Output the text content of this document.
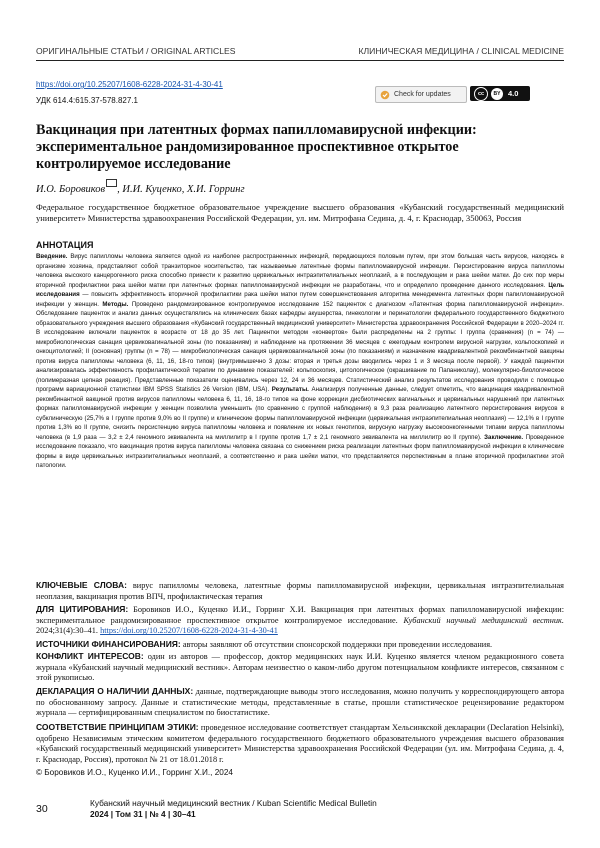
ОРИГИНАЛЬНЫЕ СТАТЬИ / ORIGINAL ARTICLES	КЛИНИЧЕСКАЯ МЕДИЦИНА / CLINICAL MEDICINE
https://doi.org/10.25207/1608-6228-2024-31-4-30-41
УДК 614.4:615.37-578.827.1
Check for updates	cc	BY	4.0
Вакцинация при латентных формах папилломавирусной инфекции: экспериментальное рандомизированное проспективное открытое контролируемое исследование
И.О. Боровиков , И.И. Куценко, Х.И. Горринг
Федеральное государственное бюджетное образовательное учреждение высшего образования «Кубанский государственный медицинский университет» Министерства здравоохранения Российской Федерации, ул. им. Митрофана Седина, д. 4, г. Краснодар, 350063, Россия
АННОТАЦИЯ
Введение. Вирус папилломы человека является одной из наиболее распространенных инфекций, передающихся половым путем, при этом большая часть вирусов, находясь в организме хозяина, представляют собой транзиторное носительство, так называемые латентные формы папилломавирусной инфекции. Персистирование вируса папилломы человека высокого канцерогенного риска способно привести к развитию цервикальных интраэпителиальных неоплазий, а в последующем и рака шейки матки. До сих пор меры вторичной профилактики рака шейки матки при латентных формах папилломавирусной инфекции не разработаны, что и определило проведение данного исследования. Цель исследования — повысить эффективность вторичной профилактики рака шейки матки путем совершенствования алгоритма менеджмента латентных форм папилломавирусной инфекции у женщин. Методы. Проведено рандомизированное контролируемое исследование 152 пациенток с диагнозом «Латентная форма папилломавирусной инфекции». Обследование пациенток и анализ данных осуществлялись на клинических базах кафедры акушерства, гинекологии и перинатологии федерального государственного бюджетного образовательного учреждения высшего образования «Кубанский государственный медицинский университет» Министерства здравоохранения Российской Федерации в 2020–2024 гг. В исследование включали пациенток в возрасте от 18 до 35 лет. Пациентки методом «конвертов» были распределены на 2 группы: I группа (сравнения) (n = 74) — микробиологическая санация цервиковагинальной зоны (по показаниям) и наблюдение на протяжении 36 месяцев с ежегодным контролем вирусной нагрузки, кольпоскопией и онкоцитологией; II (основная) группы (n = 78) — микробиологическая санация цервиковагинальной зоны (по показаниям) и назначение квадривалентной рекомбинантной вакцины против вируса папилломы человека (6, 11, 16, 18-го типов) (внутримышечно 3 дозы: вторая и третья дозы вводились через 1 и 3 месяца после первой). У каждой пациентки анализировалась эффективность профилактической терапии по динамике показателей: кольпоскопия, цитологическое (окрашивание по Папаниколау), молекулярно-биологическое (полимеразная цепная реакция). Представленные показатели оценивались через 12, 24 и 36 месяцев. Статистический анализ результатов исследования проводили с помощью программ вариационной статистики IBM SPSS Statistics 26 Version (IBM, USA). Результаты. Анализируя полученные данные, следует отметить, что вакцинация квадривалентной рекомбинантной вакциной против вирусов папилломы человека 6, 11, 16, 18-го типов на фоне коррекции дисбиотических вагинальных и цервикальных нарушений при латентных формах папилломавирусной инфекции у женщин позволила уменьшить (по сравнению с группой наблюдения) в 9,3 раза реализацию латентного персистирования вирусов в субклиническую (25,7% в I группе против 9,0% во II группе) и клинические формы папилломавирусной инфекции (цервикальная интраэпителиальная неоплазия) — 12,1% в I группе против 1,3% во II группе, снизить персистенцию вируса папилломы человека и появление их новых генотипов, вирусную нагрузку высокоонкогенными типами вируса папилломы человека (в 1,9 раза — 3,2 ± 2,4 геномного эквивалента на миллилитр в I группе против 1,7 ± 2,1 геномного эквивалента на миллилитр во II группе). Заключение. Проведенное исследование показало, что вакцинация против вируса папилломы человека связана со снижением риска реализации латентных форм папилломавирусной инфекции в клинические формы в виде цервикальных интраэпителиальных неоплазий, а соответственно и рака шейки матки, что представляется перспективным в плане вторичной профилактики этой патологии.
КЛЮЧЕВЫЕ СЛОВА: вирус папилломы человека, латентные формы папилломавирусной инфекции, цервикальная интраэпителиальная неоплазия, вакцинация против ВПЧ, профилактическая терапия
ДЛЯ ЦИТИРОВАНИЯ: Боровиков И.О., Куценко И.И., Горринг Х.И. Вакцинация при латентных формах папилломавирусной инфекции: экспериментальное рандомизированное проспективное открытое контролируемое исследование. Кубанский научный медицинский вестник. 2024;31(4):30–41. https://doi.org/10.25207/1608-6228-2024-31-4-30-41
ИСТОЧНИКИ ФИНАНСИРОВАНИЯ: авторы заявляют об отсутствии спонсорской поддержки при проведении исследования.
КОНФЛИКТ ИНТЕРЕСОВ: один из авторов — профессор, доктор медицинских наук И.И. Куценко является членом редакционного совета журнала «Кубанский научный медицинский вестник». Авторам неизвестно о каком-либо другом потенциальном конфликте интересов, связанном с этой рукописью.
ДЕКЛАРАЦИЯ О НАЛИЧИИ ДАННЫХ: данные, подтверждающие выводы этого исследования, можно получить у корреспондирующего автора по обоснованному запросу. Данные и статистические методы, представленные в статье, прошли статистическое рецензирование редактором журнала — сертифицированным специалистом по биостатистике.
СООТВЕТСТВИЕ ПРИНЦИПАМ ЭТИКИ: проведенное исследование соответствует стандартам Хельсинкской декларации (Declaration Helsinki), одобрено Независимым этическим комитетом федерального государственного бюджетного образовательного учреждения высшего образования «Кубанский государственный медицинский университет» Министерства здравоохранения Российской Федерации (ул. им. Митрофана Седина, д. 4, г. Краснодар, Россия), протокол № 21 от 18.01.2018 г.
© Боровиков И.О., Куценко И.И., Горринг Х.И., 2024
30	Кубанский научный медицинский вестник / Kuban Scientific Medical Bulletin
2024 | Том 31 | № 4 | 30–41
